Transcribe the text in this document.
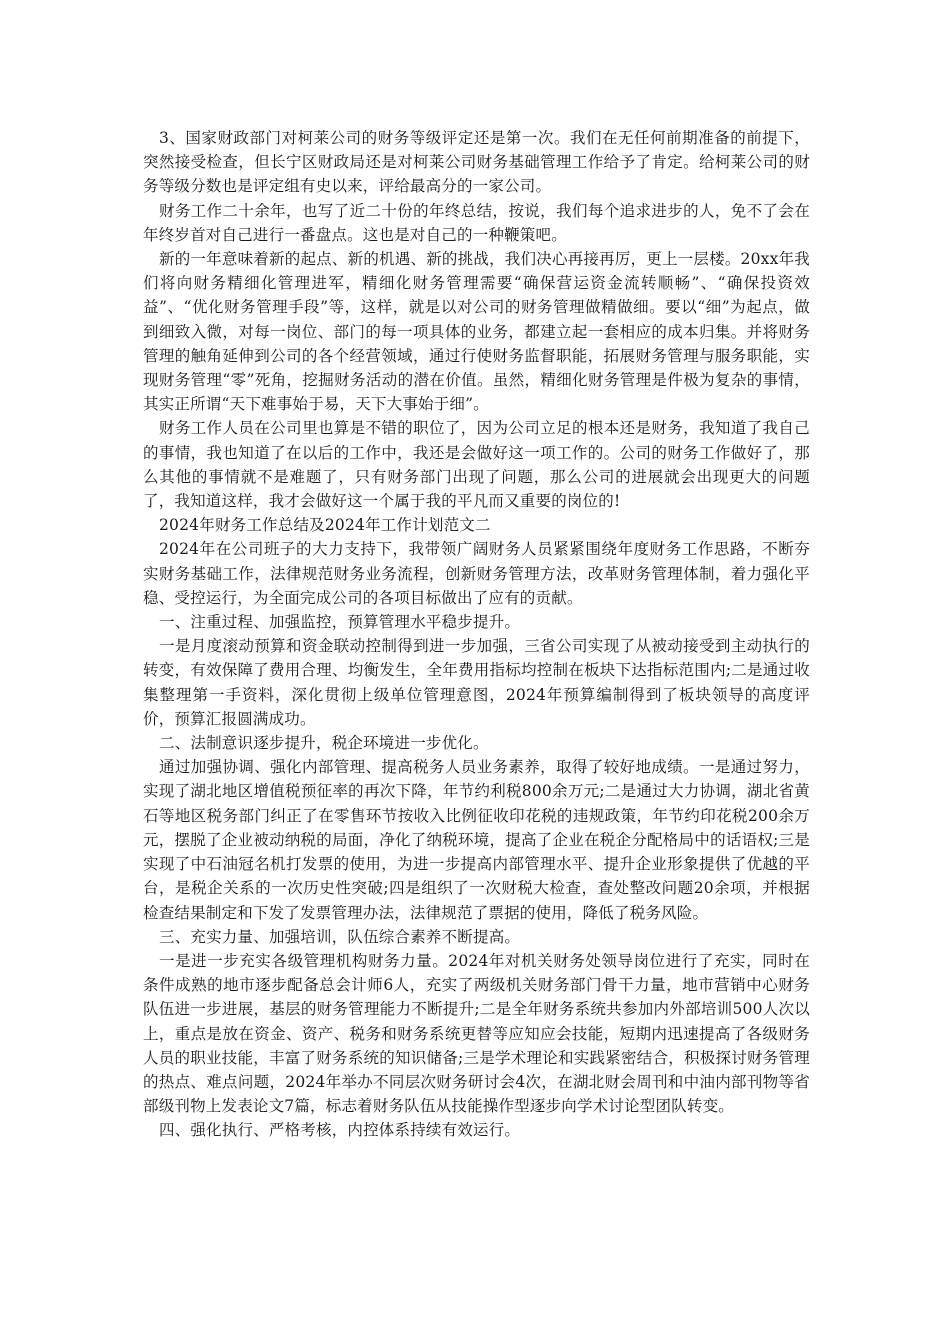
3、国家财政部门对柯莱公司的财务等级评定还是第一次。我们在无任何前期准备的前提下，突然接受检查，但长宁区财政局还是对柯莱公司财务基础管理工作给予了肯定。给柯莱公司的财务等级分数也是评定组有史以来，评给最高分的一家公司。

财务工作二十余年，也写了近二十份的年终总结，按说，我们每个追求进步的人，免不了会在年终岁首对自己进行一番盘点。这也是对自己的一种鞭策吧。

新的一年意味着新的起点、新的机遇、新的挑战，我们决心再接再厉，更上一层楼。20xx年我们将向财务精细化管理进军，精细化财务管理需要“确保营运资金流转顺畅”、“确保投资效益”、“优化财务管理手段”等，这样，就是以对公司的财务管理做精做细。要以“细”为起点，做到细致入微，对每一岗位、部门的每一项具体的业务，都建立起一套相应的成本归集。并将财务管理的触角延伸到公司的各个经营领域，通过行使财务监督职能，拓展财务管理与服务职能，实现财务管理“零”死角，挖掘财务活动的潜在价值。虽然，精细化财务管理是件极为复杂的事情，其实正所谓“天下难事始于易，天下大事始于细”。

财务工作人员在公司里也算是不错的职位了，因为公司立足的根本还是财务，我知道了我自己的事情，我也知道了在以后的工作中，我还是会做好这一项工作的。公司的财务工作做好了，那么其他的事情就不是难题了，只有财务部门出现了问题，那么公司的进展就会出现更大的问题了，我知道这样，我才会做好这一个属于我的平凡而又重要的岗位的!

2024年财务工作总结及2024年工作计划范文二

2024年在公司班子的大力支持下，我带领广阔财务人员紧紧围绕年度财务工作思路，不断夯实财务基础工作，法律规范财务业务流程，创新财务管理方法，改革财务管理体制，着力强化平稳、受控运行，为全面完成公司的各项目标做出了应有的贡献。

一、注重过程、加强监控，预算管理水平稳步提升。

一是月度滚动预算和资金联动控制得到进一步加强，三省公司实现了从被动接受到主动执行的转变，有效保障了费用合理、均衡发生，全年费用指标均控制在板块下达指标范围内;二是通过收集整理第一手资料，深化贯彻上级单位管理意图，2024年预算编制得到了板块领导的高度评价，预算汇报圆满成功。

二、法制意识逐步提升，税企环境进一步优化。

通过加强协调、强化内部管理、提高税务人员业务素养，取得了较好地成绩。一是通过努力，实现了湖北地区增值税预征率的再次下降，年节约利税800余万元;二是通过大力协调，湖北省黄石等地区税务部门纠正了在零售环节按收入比例征收印花税的违规政策，年节约印花税200余万元，摆脱了企业被动纳税的局面，净化了纳税环境，提高了企业在税企分配格局中的话语权;三是实现了中石油冠名机打发票的使用，为进一步提高内部管理水平、提升企业形象提供了优越的平台，是税企关系的一次历史性突破;四是组织了一次财税大检查，查处整改问题20余项，并根据检查结果制定和下发了发票管理办法，法律规范了票据的使用，降低了税务风险。

三、充实力量、加强培训，队伍综合素养不断提高。

一是进一步充实各级管理机构财务力量。2024年对机关财务处领导岗位进行了充实，同时在条件成熟的地市逐步配备总会计师6人，充实了两级机关财务部门骨干力量，地市营销中心财务队伍进一步进展，基层的财务管理能力不断提升;二是全年财务系统共参加内外部培训500人次以上，重点是放在资金、资产、税务和财务系统更替等应知应会技能，短期内迅速提高了各级财务人员的职业技能，丰富了财务系统的知识储备;三是学术理论和实践紧密结合，积极探讨财务管理的热点、难点问题，2024年举办不同层次财务研讨会4次，在湖北财会周刊和中油内部刊物等省部级刊物上发表论文7篇，标志着财务队伍从技能操作型逐步向学术讨论型团队转变。

四、强化执行、严格考核，内控体系持续有效运行。
